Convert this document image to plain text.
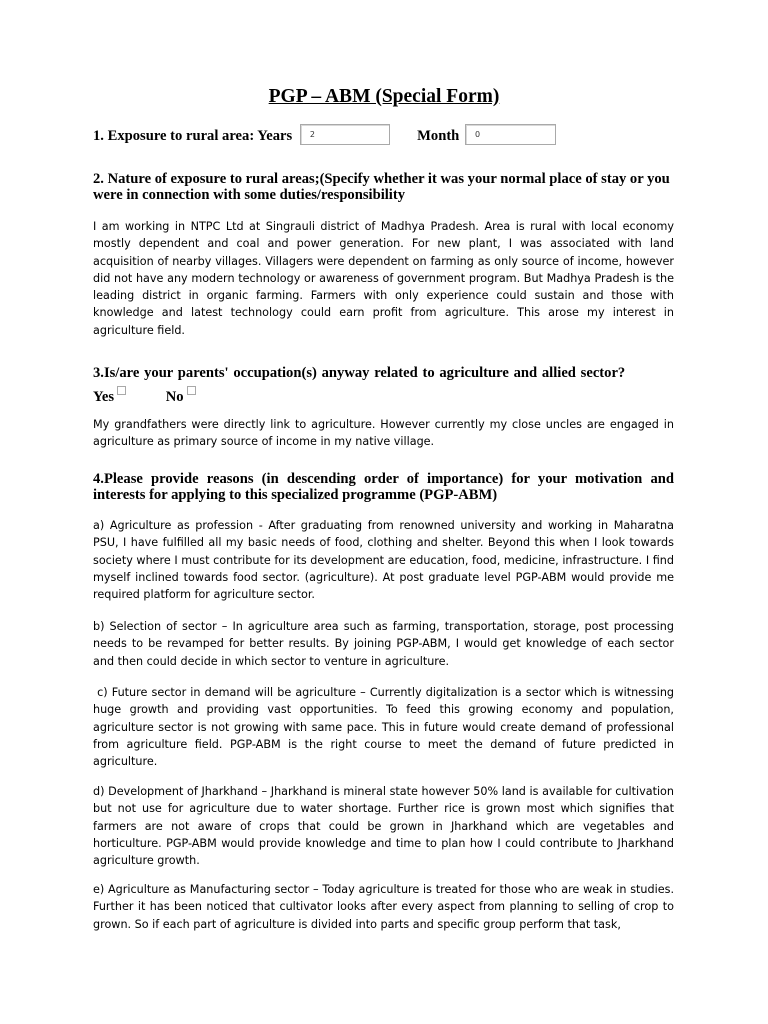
PGP – ABM (Special Form)
1. Exposure to rural area: Years 2	Month 0
2. Nature of exposure to rural areas;(Specify whether it was your normal place of stay or you were in connection with some duties/responsibility
I am working in NTPC Ltd at Singrauli district of Madhya Pradesh. Area is rural with local economy mostly dependent and coal and power generation. For new plant, I was associated with land acquisition of nearby villages. Villagers were dependent on farming as only source of income, however did not have any modern technology or awareness of government program. But Madhya Pradesh is the leading district in organic farming. Farmers with only experience could sustain and those with knowledge and latest technology could earn profit from agriculture. This arose my interest in agriculture field.
3.Is/are your parents' occupation(s) anyway related to agriculture and allied sector? Yes	No
My grandfathers were directly link to agriculture. However currently my close uncles are engaged in agriculture as primary source of income in my native village.
4.Please provide reasons (in descending order of importance) for your motivation and interests for applying to this specialized programme (PGP-ABM)
a) Agriculture as profession - After graduating from renowned university and working in Maharatna PSU, I have fulfilled all my basic needs of food, clothing and shelter. Beyond this when I look towards society where I must contribute for its development are education, food, medicine, infrastructure. I find myself inclined towards food sector. (agriculture). At post graduate level PGP-ABM would provide me required platform for agriculture sector.
b) Selection of sector – In agriculture area such as farming, transportation, storage, post processing needs to be revamped for better results. By joining PGP-ABM, I would get knowledge of each sector and then could decide in which sector to venture in agriculture.
c) Future sector in demand will be agriculture – Currently digitalization is a sector which is witnessing huge growth and providing vast opportunities. To feed this growing economy and population, agriculture sector is not growing with same pace. This in future would create demand of professional from agriculture field. PGP-ABM is the right course to meet the demand of future predicted in agriculture.
d) Development of Jharkhand – Jharkhand is mineral state however 50% land is available for cultivation but not use for agriculture due to water shortage. Further rice is grown most which signifies that farmers are not aware of crops that could be grown in Jharkhand which are vegetables and horticulture. PGP-ABM would provide knowledge and time to plan how I could contribute to Jharkhand agriculture growth.
e) Agriculture as Manufacturing sector – Today agriculture is treated for those who are weak in studies. Further it has been noticed that cultivator looks after every aspect from planning to selling of crop to grown. So if each part of agriculture is divided into parts and specific group perform that task,
